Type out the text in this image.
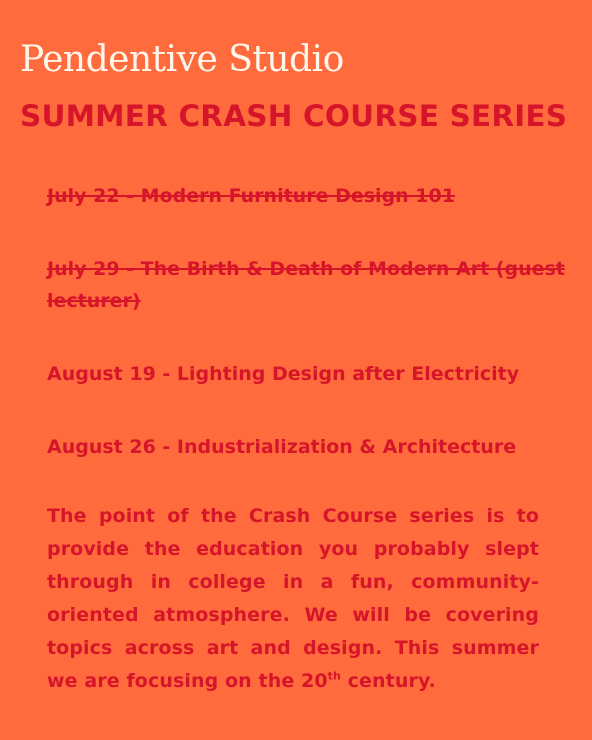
Pendentive Studio
SUMMER CRASH COURSE SERIES
July 22 - Modern Furniture Design 101
July 29 - The Birth & Death of Modern Art (guest lecturer)
August 19 - Lighting Design after Electricity
August 26 - Industrialization & Architecture

The point of the Crash Course series is to provide the education you probably slept through in college in a fun, community-oriented atmosphere. We will be covering topics across art and design. This summer we are focusing on the 20th century.
